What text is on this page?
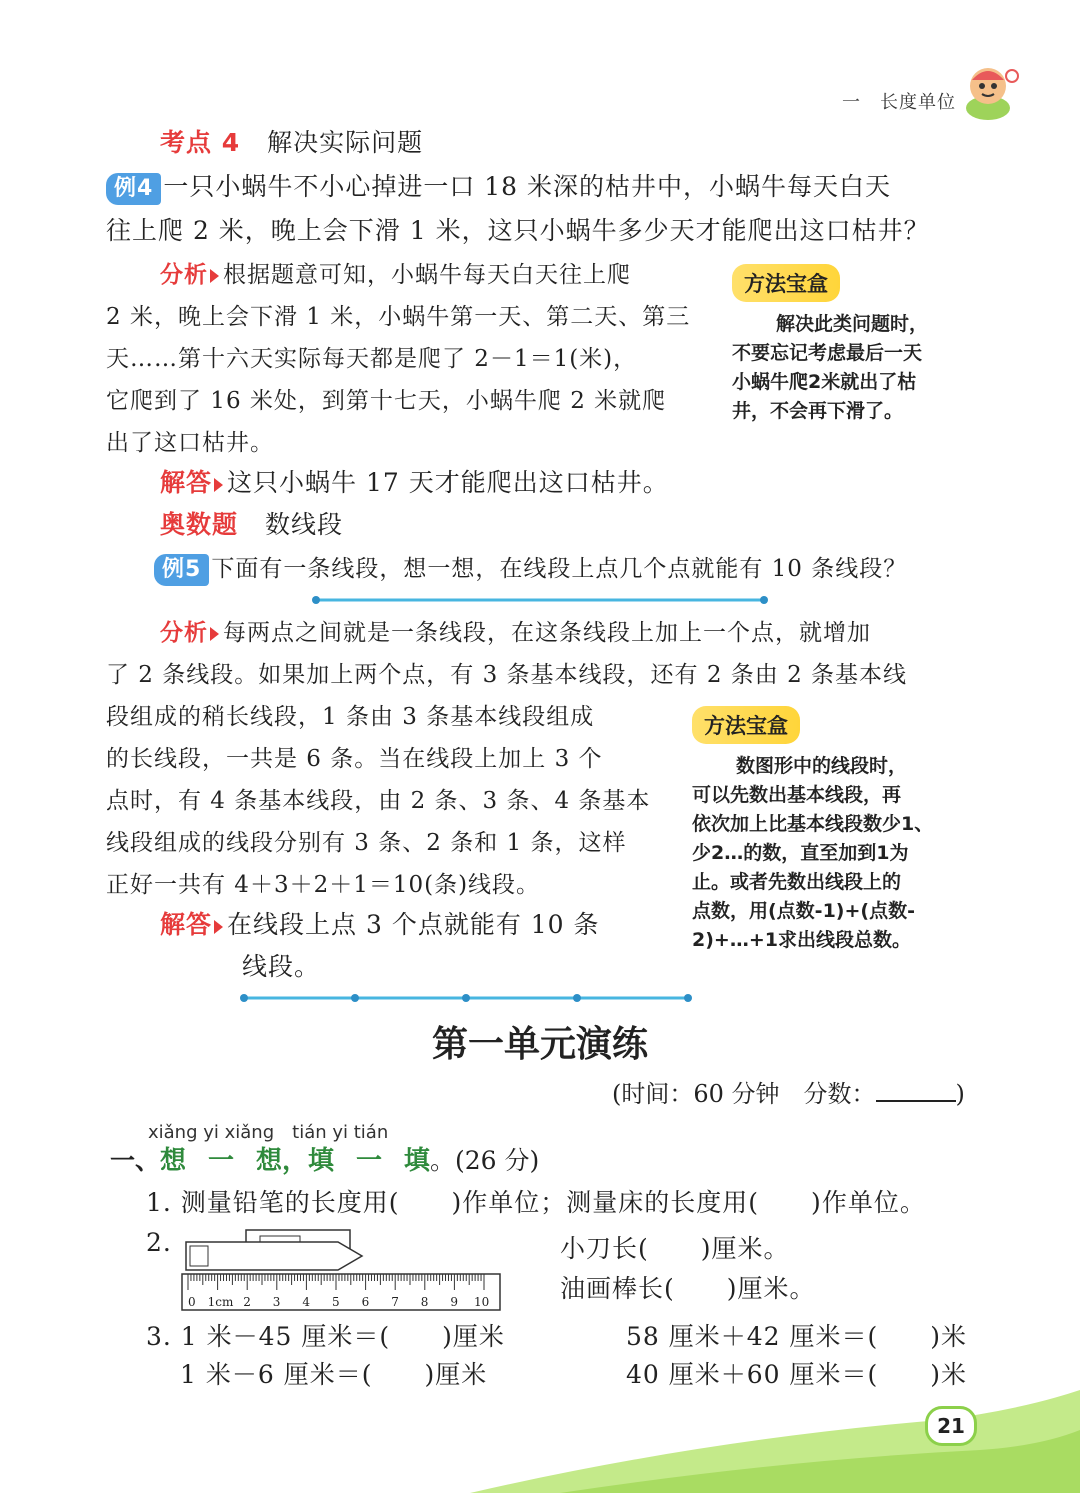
一　长度单位
考点 4 解决实际问题
例4 一只小蜗牛不小心掉进一口 18 米深的枯井中，小蜗牛每天白天
往上爬 2 米，晚上会下滑 1 米，这只小蜗牛多少天才能爬出这口枯井？
分析 根据题意可知，小蜗牛每天白天往上爬
2 米，晚上会下滑 1 米，小蜗牛第一天、第二天、第三
天……第十六天实际每天都是爬了 2－1＝1(米)，
它爬到了 16 米处，到第十七天，小蜗牛爬 2 米就爬
出了这口枯井。
解答 这只小蜗牛 17 天才能爬出这口枯井。
方法宝盒
解决此类问题时，
不要忘记考虑最后一天
小蜗牛爬2米就出了枯
井，不会再下滑了。
奥数题 数线段
例5 下面有一条线段，想一想，在线段上点几个点就能有 10 条线段？
分析 每两点之间就是一条线段，在这条线段上加上一个点，就增加
了 2 条线段。如果加上两个点，有 3 条基本线段，还有 2 条由 2 条基本线
段组成的稍长线段，1 条由 3 条基本线段组成
的长线段，一共是 6 条。当在线段上加上 3 个
点时，有 4 条基本线段，由 2 条、3 条、4 条基本
线段组成的线段分别有 3 条、2 条和 1 条，这样
正好一共有 4＋3＋2＋1＝10(条)线段。
解答 在线段上点 3 个点就能有 10 条
线段。
方法宝盒
数图形中的线段时，
可以先数出基本线段，再
依次加上比基本线段数少1、
少2…的数，直至加到1为
止。或者先数出线段上的
点数，用(点数-1)+(点数-
2)+…+1求出线段总数。
第一单元演练
(时间：60 分钟　分数：	)
xiǎng yi xiǎng　tián yi tián
一、想 一 想，填 一 填。(26 分)
1. 测量铅笔的长度用(　　)作单位；测量床的长度用(　　)作单位。
2.
0 1cm 2 3 4 5 6 7 8 9 10
小刀长(　　)厘米。
油画棒长(　　)厘米。
3. 1 米－45 厘米＝(　　)厘米
1 米－6 厘米＝(　　)厘米
58 厘米＋42 厘米＝(　　)米
40 厘米＋60 厘米＝(　　)米
21
